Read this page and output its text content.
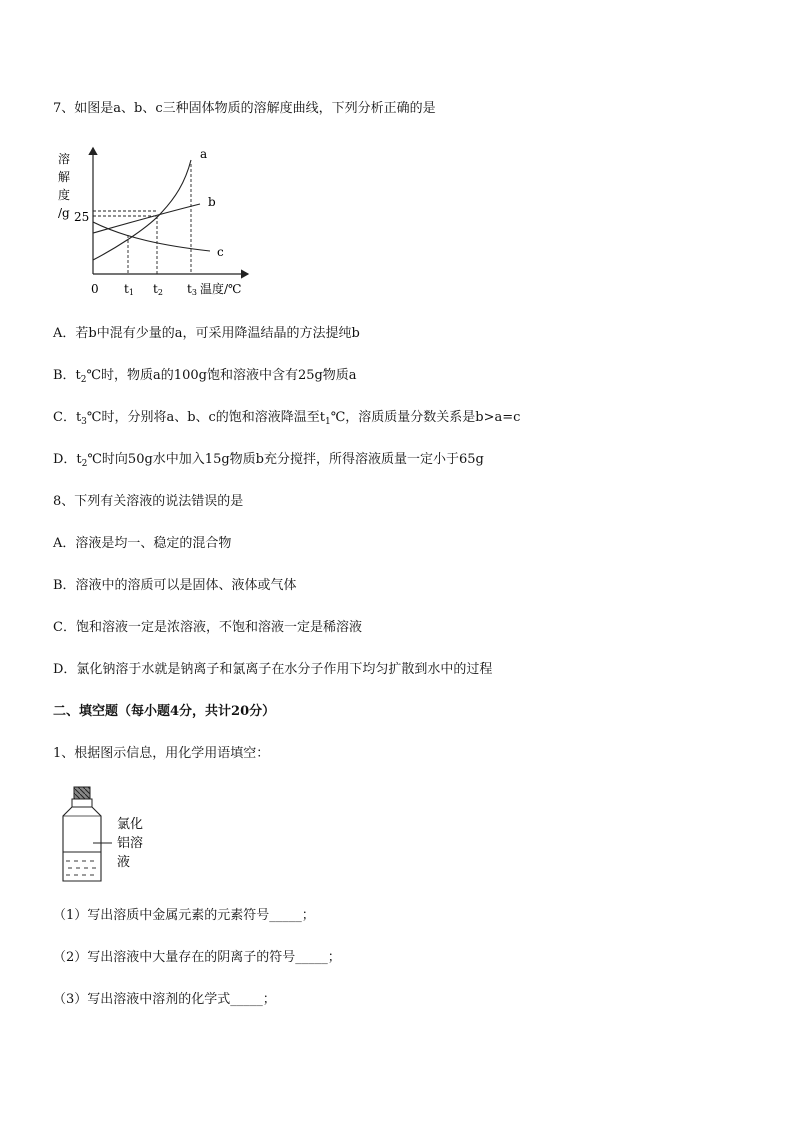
7、如图是a、b、c三种固体物质的溶解度曲线，下列分析正确的是
溶
解
度
/g 25
a
b
c
0 t1 t2 t3 温度/℃
A．若b中混有少量的a，可采用降温结晶的方法提纯b
B．$t_2℃$时，物质a的100g饱和溶液中含有25g物质a
C．$t_3℃$时，分别将a、b、c的饱和溶液降温至$t_1℃$，溶质质量分数关系是b>a=c
D．$t_2℃$时向50g水中加入15g物质b充分搅拌，所得溶液质量一定小于65g
8、下列有关溶液的说法错误的是
A．溶液是均一、稳定的混合物
B．溶液中的溶质可以是固体、液体或气体
C．饱和溶液一定是浓溶液，不饱和溶液一定是稀溶液
D．氯化钠溶于水就是钠离子和氯离子在水分子作用下均匀扩散到水中的过程
二、填空题（每小题4分，共计20分）
1、根据图示信息，用化学用语填空：
氯化
铝溶
液
（1）写出溶质中金属元素的元素符号_____；
（2）写出溶液中大量存在的阴离子的符号_____；
（3）写出溶液中溶剂的化学式_____；
